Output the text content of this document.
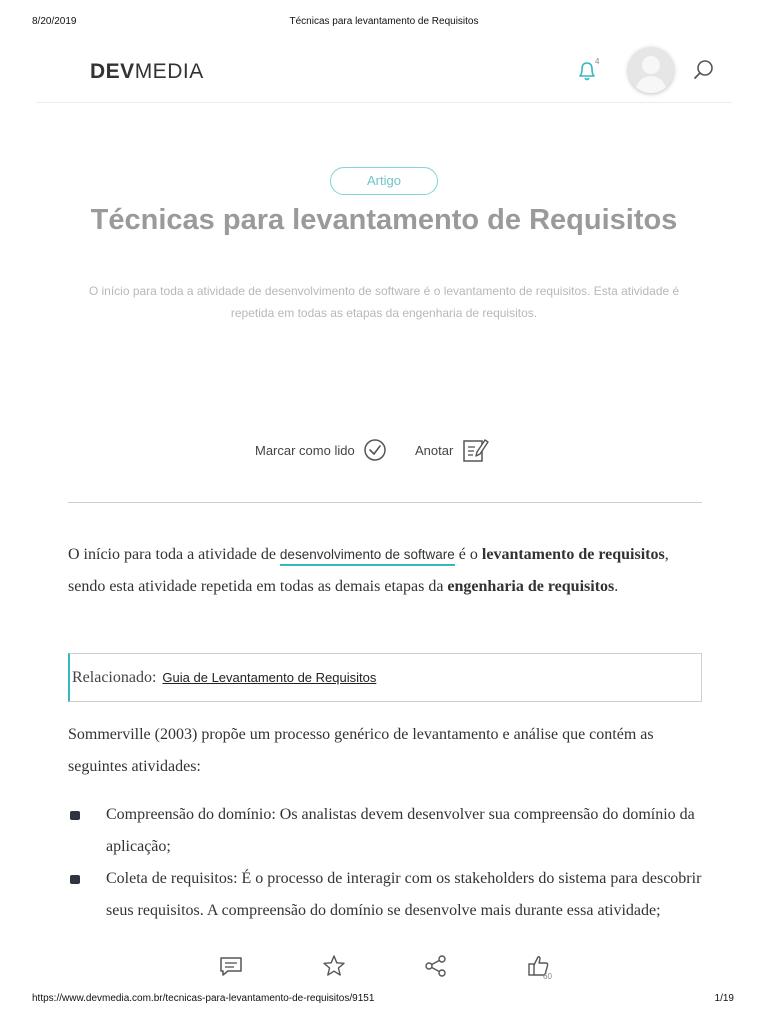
8/20/2019	Técnicas para levantamento de Requisitos
DEVMEDIA	4
Artigo
Técnicas para levantamento de Requisitos

O início para toda a atividade de desenvolvimento de software é o levantamento de requisitos. Esta atividade é repetida em todas as etapas da engenharia de requisitos.

Marcar como lido	Anotar

O início para toda a atividade de desenvolvimento de software é o levantamento de requisitos, sendo esta atividade repetida em todas as demais etapas da engenharia de requisitos.

Relacionado: Guia de Levantamento de Requisitos

Sommerville (2003) propõe um processo genérico de levantamento e análise que contém as seguintes atividades:

Compreensão do domínio: Os analistas devem desenvolver sua compreensão do domínio da aplicação;
Coleta de requisitos: É o processo de interagir com os stakeholders do sistema para descobrir seus requisitos. A compreensão do domínio se desenvolve mais durante essa atividade;
60
https://www.devmedia.com.br/tecnicas-para-levantamento-de-requisitos/9151	1/19
